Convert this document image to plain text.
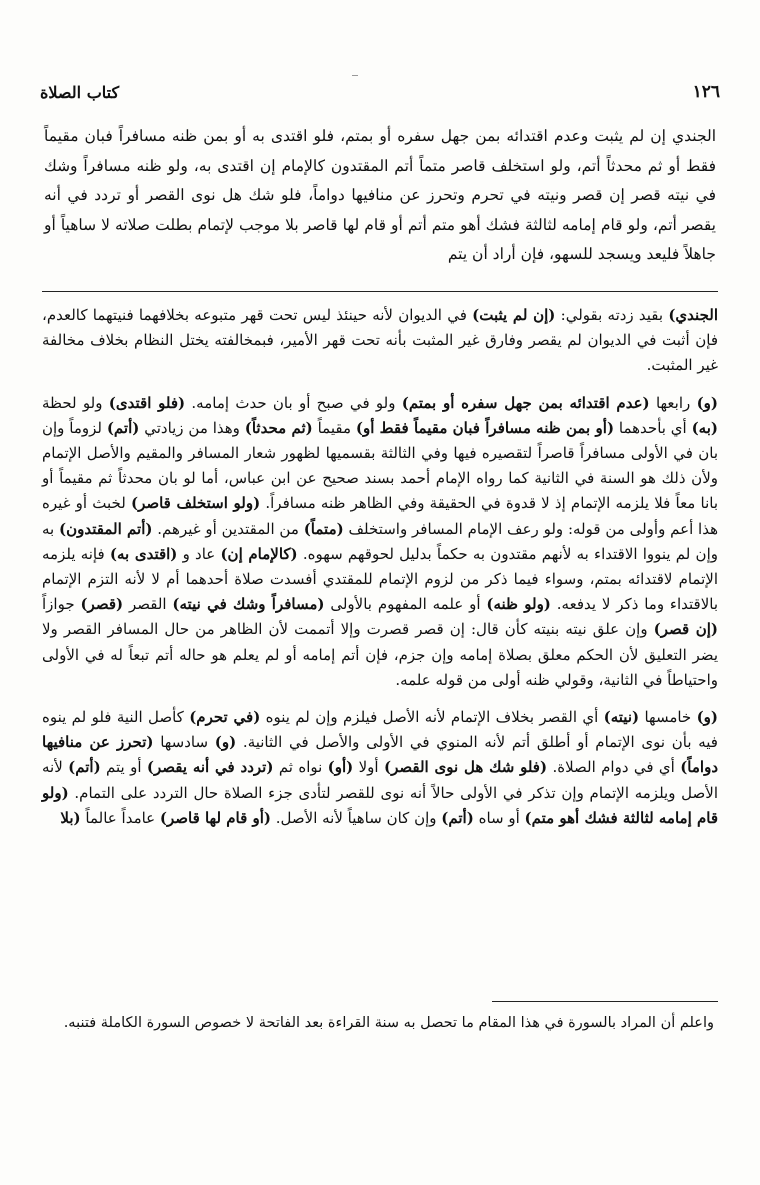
١٢٦
كتاب الصلاة

الجندي إن لم يثبت وعدم اقتدائه بمن جهل سفره أو بمتم، فلو اقتدى به أو بمن ظنه مسافراً فبان مقيماً فقط أو ثم محدثاً أتم، ولو استخلف قاصر متماً أتم المقتدون كالإمام إن اقتدى به، ولو ظنه مسافراً وشك في نيته قصر إن قصر ونيته في تحرم وتحرز عن منافيها دواماً، فلو شك هل نوى القصر أو تردد في أنه يقصر أتم، ولو قام إمامه لثالثة فشك أهو متم أتم أو قام لها قاصر بلا موجب لإتمام بطلت صلاته لا ساهياً أو جاهلاً فليعد ويسجد للسهو، فإن أراد أن يتم

الجندي) بقيد زدته بقولي: (إن لم يثبت) في الديوان لأنه حينئذ ليس تحت قهر متبوعه بخلافهما فنيتهما كالعدم، فإن أثبت في الديوان لم يقصر وفارق غير المثبت بأنه تحت قهر الأمير، فبمخالفته يختل النظام بخلاف مخالفة غير المثبت.

(و) رابعها (عدم اقتدائه بمن جهل سفره أو بمتم) ولو في صبح أو بان حدث إمامه. (فلو اقتدى) ولو لحظة (به) أي بأحدهما (أو بمن ظنه مسافراً فبان مقيماً فقط أو) مقيماً (ثم محدثاً) وهذا من زيادتي (أتم) لزوماً وإن بان في الأولى مسافراً قاصراً لتقصيره فيها وفي الثالثة بقسميها لظهور شعار المسافر والمقيم والأصل الإتمام ولأن ذلك هو السنة في الثانية كما رواه الإمام أحمد بسند صحيح عن ابن عباس، أما لو بان محدثاً ثم مقيماً أو بانا معاً فلا يلزمه الإتمام إذ لا قدوة في الحقيقة وفي الظاهر ظنه مسافراً. (ولو استخلف قاصر) لخبث أو غيره هذا أعم وأولى من قوله: ولو رعف الإمام المسافر واستخلف (متماً) من المقتدين أو غيرهم. (أتم المقتدون) به وإن لم ينووا الاقتداء به لأنهم مقتدون به حكماً بدليل لحوقهم سهوه. (كالإمام إن) عاد و (اقتدى به) فإنه يلزمه الإتمام لاقتدائه بمتم، وسواء فيما ذكر من لزوم الإتمام للمقتدي أفسدت صلاة أحدهما أم لا لأنه التزم الإتمام بالاقتداء وما ذكر لا يدفعه. (ولو ظنه) أو علمه المفهوم بالأولى (مسافراً وشك في نيته) القصر (قصر) جوازاً (إن قصر) وإن علق نيته بنيته كأن قال: إن قصر قصرت وإلا أتممت لأن الظاهر من حال المسافر القصر ولا يضر التعليق لأن الحكم معلق بصلاة إمامه وإن جزم، فإن أتم إمامه أو لم يعلم هو حاله أتم تبعاً له في الأولى واحتياطاً في الثانية، وقولي ظنه أولى من قوله علمه.

(و) خامسها (نيته) أي القصر بخلاف الإتمام لأنه الأصل فيلزم وإن لم ينوه (في تحرم) كأصل النية فلو لم ينوه فيه بأن نوى الإتمام أو أطلق أتم لأنه المنوي في الأولى والأصل في الثانية. (و) سادسها (تحرز عن منافيها دواماً) أي في دوام الصلاة. (فلو شك هل نوى القصر) أولا (أو) نواه ثم (تردد في أنه يقصر) أو يتم (أتم) لأنه الأصل ويلزمه الإتمام وإن تذكر في الأولى حالاً أنه نوى للقصر لتأدى جزء الصلاة حال التردد على التمام. (ولو قام إمامه لثالثة فشك أهو متم) أو ساه (أتم) وإن كان ساهياً لأنه الأصل. (أو قام لها قاصر) عامداً عالماً (بلا

واعلم أن المراد بالسورة في هذا المقام ما تحصل به سنة القراءة بعد الفاتحة لا خصوص السورة الكاملة فتنبه.
